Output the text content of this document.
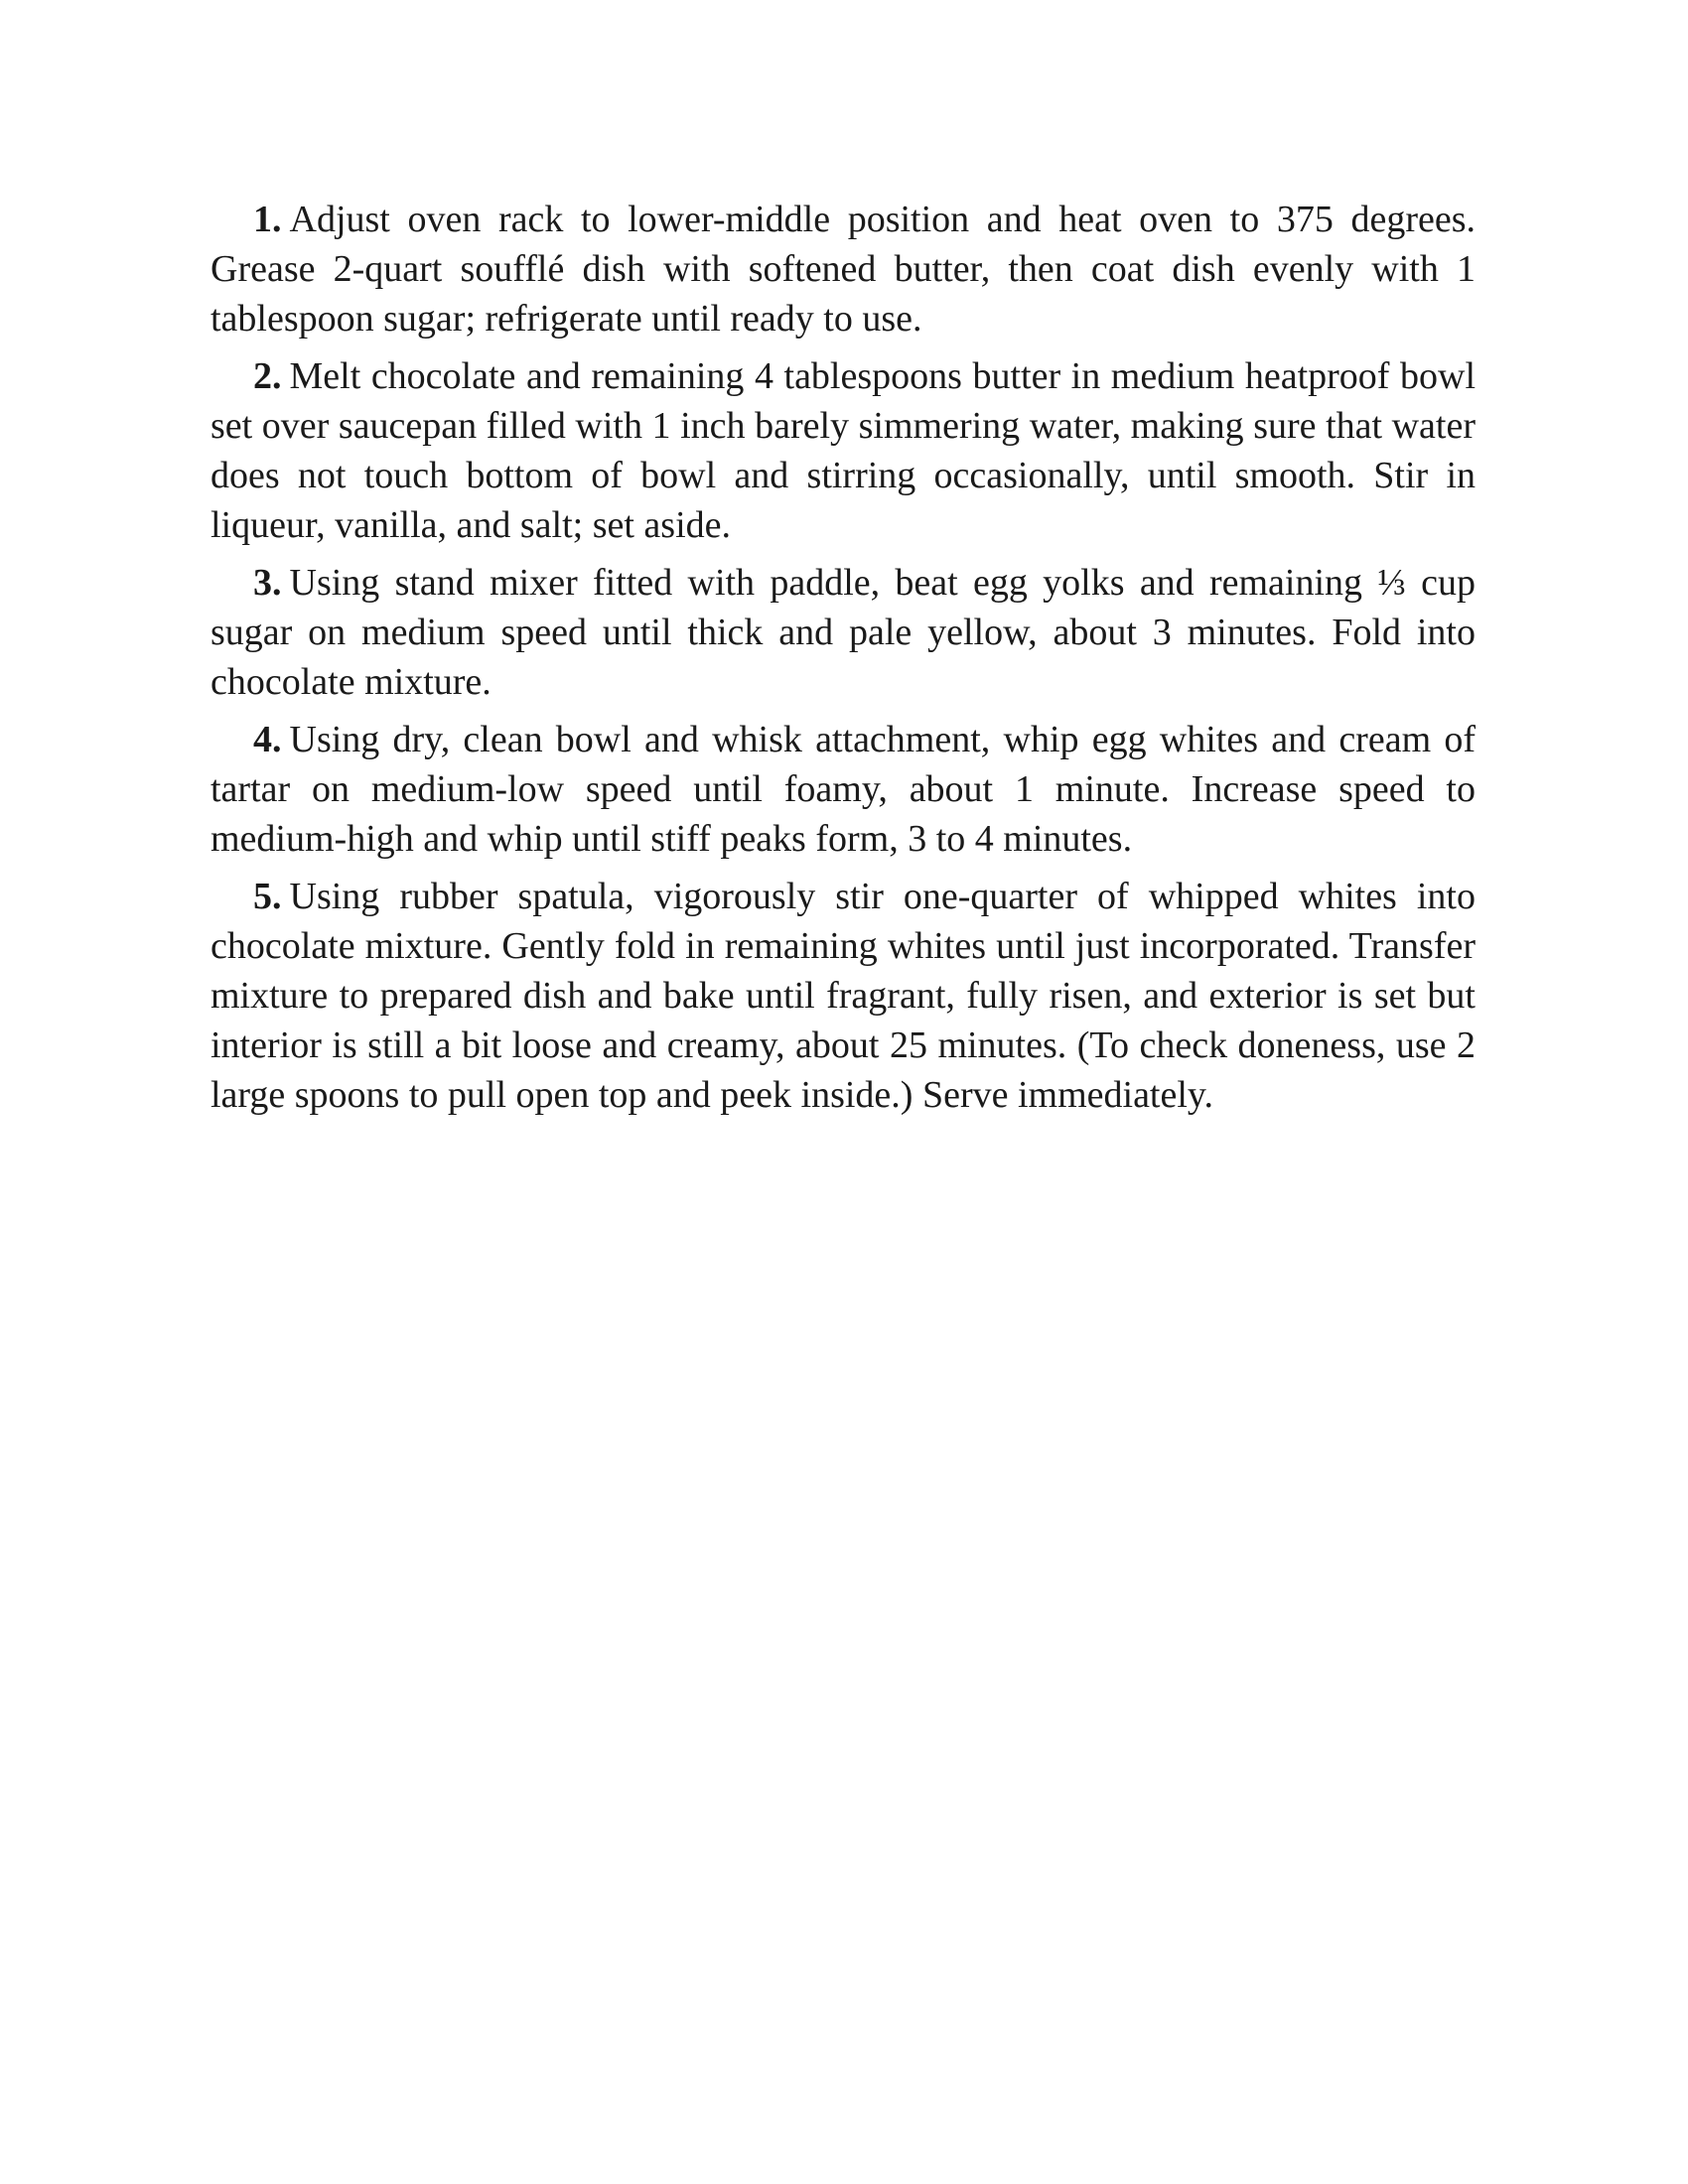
1. Adjust oven rack to lower-middle position and heat oven to 375 degrees. Grease 2-quart soufflé dish with softened butter, then coat dish evenly with 1 tablespoon sugar; refrigerate until ready to use.

2. Melt chocolate and remaining 4 tablespoons butter in medium heatproof bowl set over saucepan filled with 1 inch barely simmering water, making sure that water does not touch bottom of bowl and stirring occasionally, until smooth. Stir in liqueur, vanilla, and salt; set aside.

3. Using stand mixer fitted with paddle, beat egg yolks and remaining ⅓ cup sugar on medium speed until thick and pale yellow, about 3 minutes. Fold into chocolate mixture.

4. Using dry, clean bowl and whisk attachment, whip egg whites and cream of tartar on medium-low speed until foamy, about 1 minute. Increase speed to medium-high and whip until stiff peaks form, 3 to 4 minutes.

5. Using rubber spatula, vigorously stir one-quarter of whipped whites into chocolate mixture. Gently fold in remaining whites until just incorporated. Transfer mixture to prepared dish and bake until fragrant, fully risen, and exterior is set but interior is still a bit loose and creamy, about 25 minutes. (To check doneness, use 2 large spoons to pull open top and peek inside.) Serve immediately.
